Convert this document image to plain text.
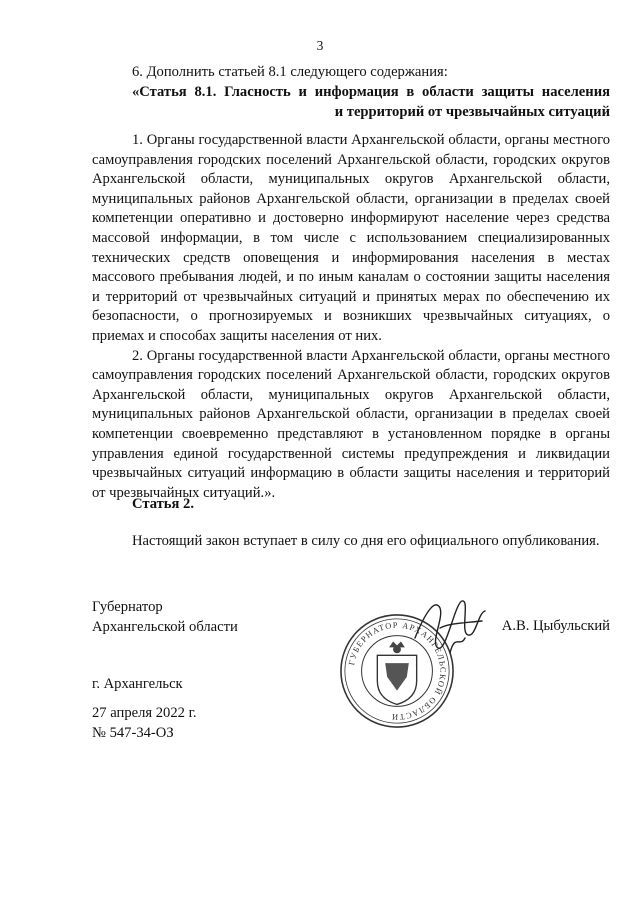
3
6. Дополнить статьей 8.1 следующего содержания:
«Статья 8.1. Гласность и информация в области защиты населения
и территорий от чрезвычайных ситуаций

1. Органы государственной власти Архангельской области, органы местного самоуправления городских поселений Архангельской области, городских округов Архангельской области, муниципальных округов Архангельской области, муниципальных районов Архангельской области, организации в пределах своей компетенции оперативно и достоверно информируют население через средства массовой информации, в том числе с использованием специализированных технических средств оповещения и информирования населения в местах массового пребывания людей, и по иным каналам о состоянии защиты населения и территорий от чрезвычайных ситуаций и принятых мерах по обеспечению их безопасности, о прогнозируемых и возникших чрезвычайных ситуациях, о приемах и способах защиты населения от них.

2. Органы государственной власти Архангельской области, органы местного самоуправления городских поселений Архангельской области, городских округов Архангельской области, муниципальных округов Архангельской области, муниципальных районов Архангельской области, организации в пределах своей компетенции своевременно представляют в установленном порядке в органы управления единой государственной системы предупреждения и ликвидации чрезвычайных ситуаций информацию в области защиты населения и территорий от чрезвычайных ситуаций.».

Статья 2.

Настоящий закон вступает в силу со дня его официального опубликования.

Губернатор
Архангельской области
ГУБЕРНАТОР АРХАНГЕЛЬСКОЙ ОБЛАСТИ
А.В. Цыбульский
г. Архангельск
27 апреля 2022 г.
№ 547-34-ОЗ
